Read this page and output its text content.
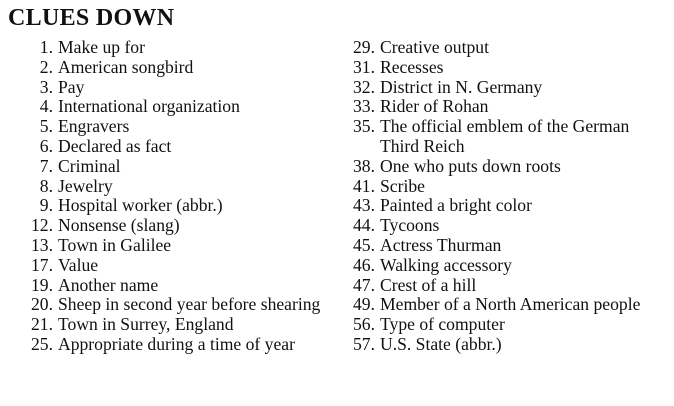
CLUES DOWN
1. Make up for
2. American songbird
3. Pay
4. International organization
5. Engravers
6. Declared as fact
7. Criminal
8. Jewelry
9. Hospital worker (abbr.)
12. Nonsense (slang)
13. Town in Galilee
17. Value
19. Another name
20. Sheep in second year before shearing
21. Town in Surrey, England
25. Appropriate during a time of year
29. Creative output
31. Recesses
32. District in N. Germany
33. Rider of Rohan
35. The official emblem of the German Third Reich
38. One who puts down roots
41. Scribe
43. Painted a bright color
44. Tycoons
45. Actress Thurman
46. Walking accessory
47. Crest of a hill
49. Member of a North American people
56. Type of computer
57. U.S. State (abbr.)
